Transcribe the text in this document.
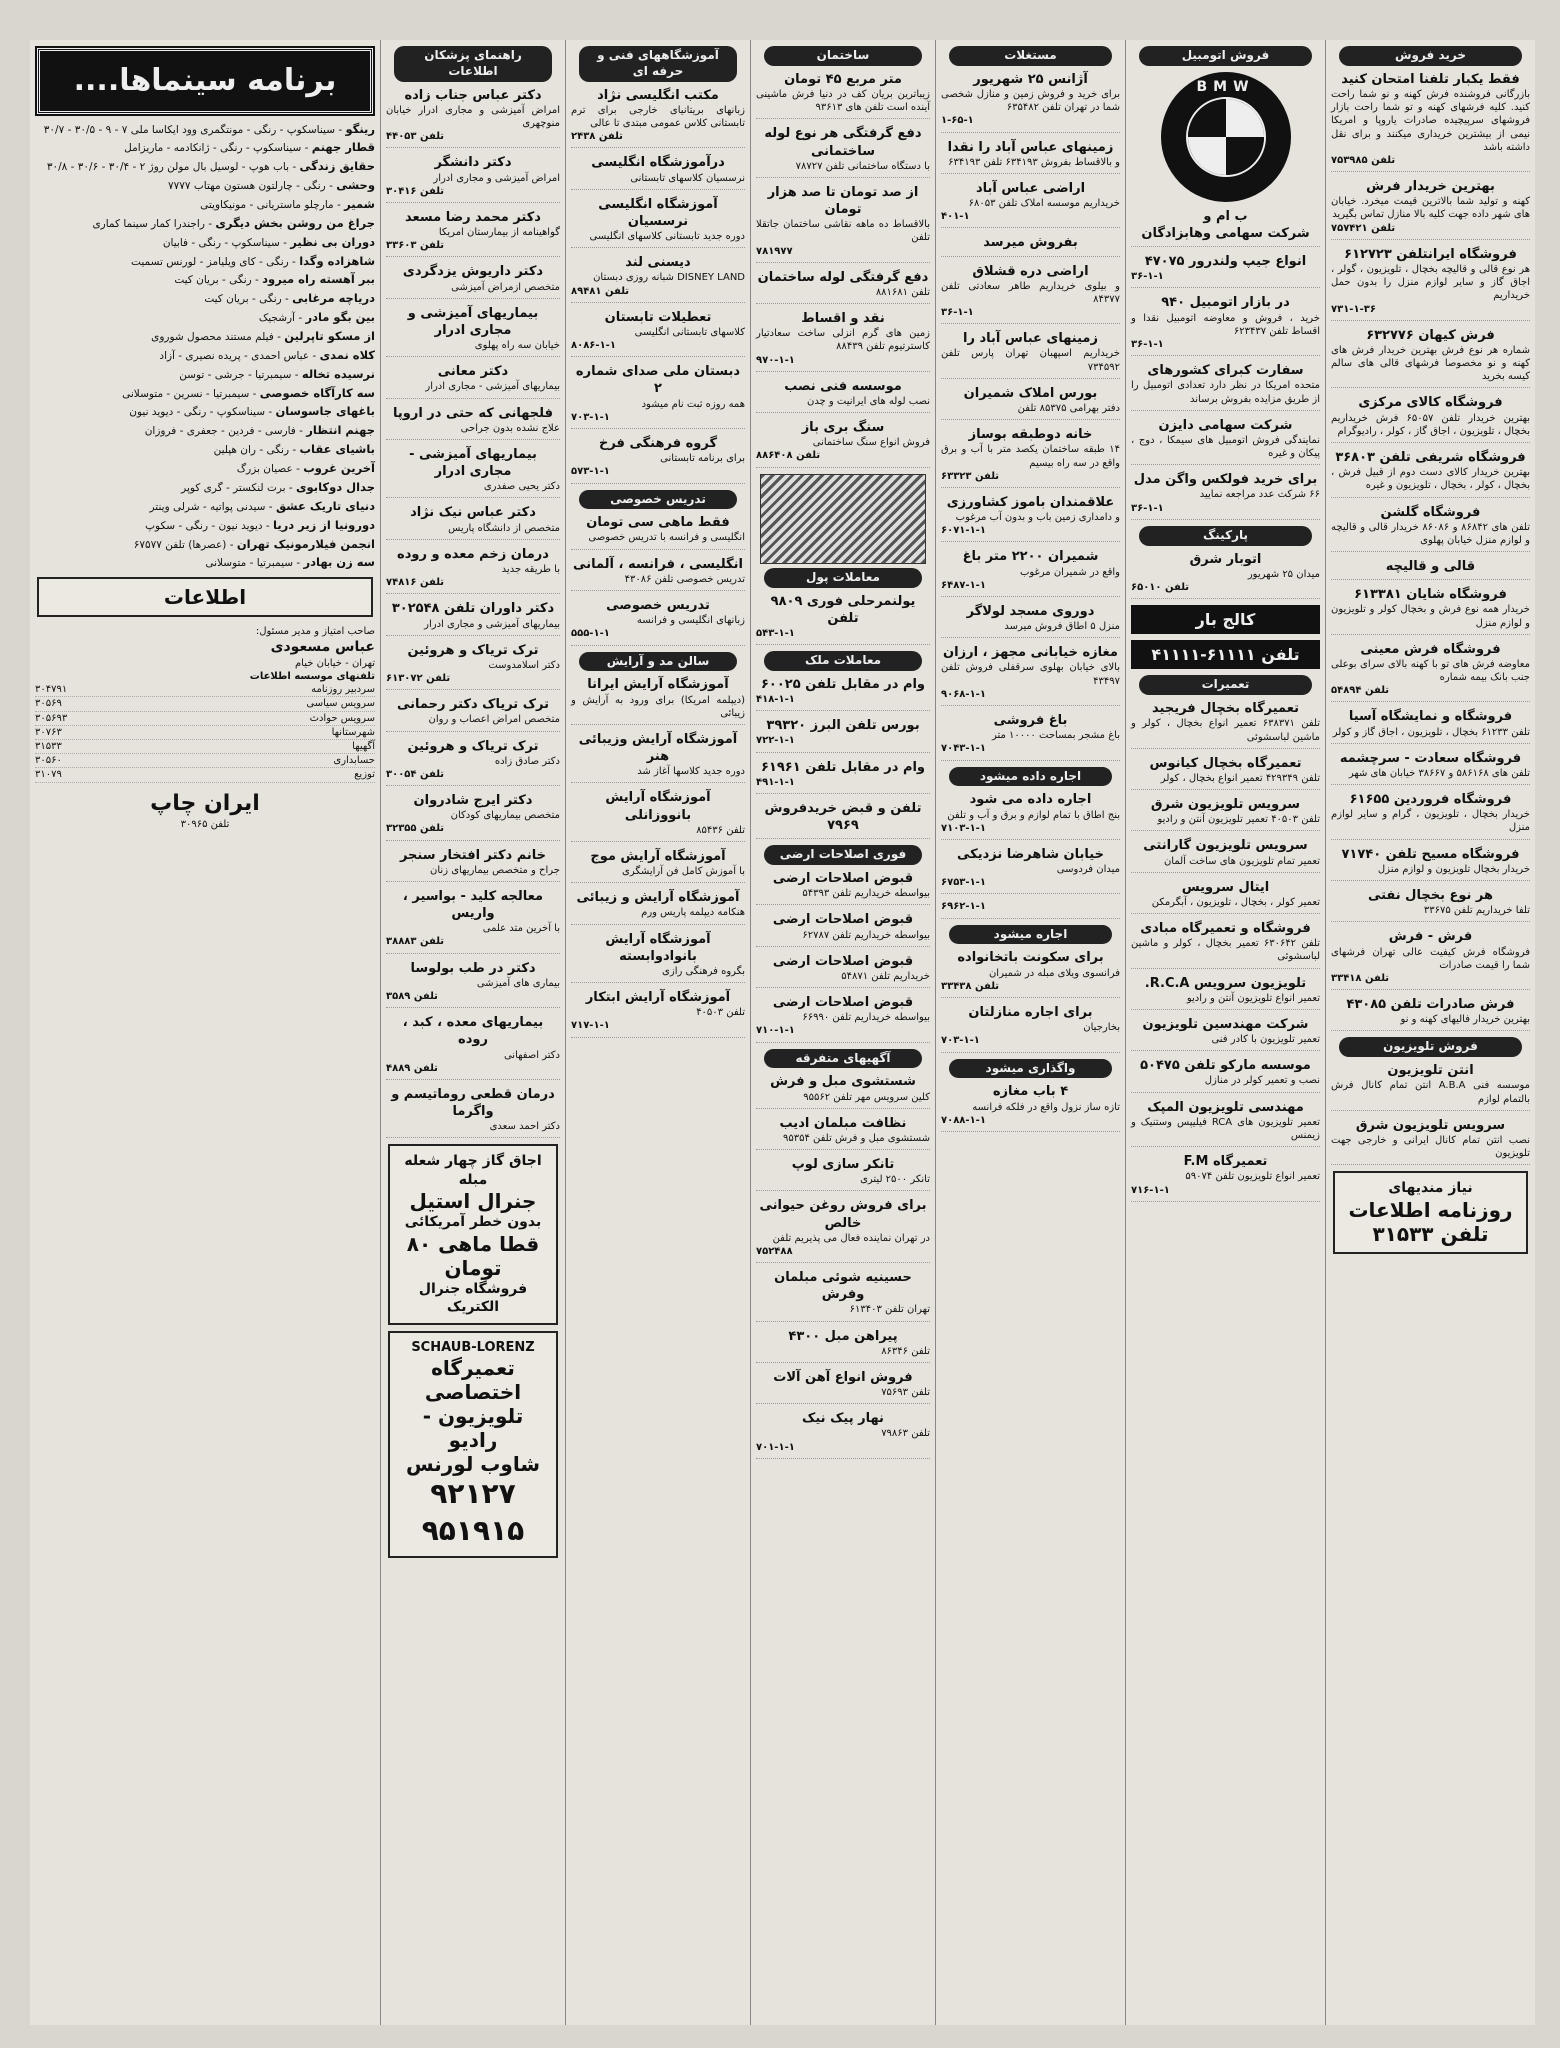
خرید فروش
فقط یکبار تلفنا امتحان کنید
بازرگانی فروشنده فرش کهنه و نو شما راحت کنید. کلیه فرشهای کهنه و تو شما راحت بازار فروشهای سرپیچیده صادرات یاروپا و امریکا نیمی از بیشترین خریداری میکنند و برای نقل داشته باشد
۷۵۳۹۸۵ تلفن
بهترین خریدار فرش
کهنه و تولید شما بالاترین قیمت میخرد. خیابان های شهر داده جهت کلیه بالا منازل تماس بگیرید
۷۵۷۴۲۱ تلفن
فروشگاه ایرانتلفن ۶۱۲۷۲۳
هر نوع قالی و قالیچه بخچال ، تلویزیون ، گولر ، اجاق گاز و سایر لوازم منزل را بدون حمل خریداریم
۷۳۱-۱-۳۶
فرش کیهان ۶۳۲۷۷۶
شماره هر نوع فرش بهترین خریدار فرش های کهنه و نو مخصوصا فرشهای قالی های سالم کیسه بخرید
فروشگاه کالای مرکزی
بهترین خریدار تلفن ۶۵۰۵۷ فرش خریداریم بخچال ، تلویزیون ، اجاق گاز ، کولر ، رادیوگرام
فروشگاه شریفی تلفن ۳۶۸۰۳
بهترین خریدار کالای دست دوم از قبیل فرش ، بخچال ، کولر ، بخچال ، تلویزیون و غیره
فروشگاه گلشن
تلفن های ۸۶۸۴۲ و ۸۶۰۸۶ خریدار قالی و قالیچه و لوازم منزل خیابان پهلوی
قالی و قالیچه
فروشگاه شایان ۶۱۳۳۸۱
خریدار همه نوع فرش و بخچال کولر و تلویزیون و لوازم منزل
فروشگاه فرش معینی
معاوضه فرش های تو با کهنه بالای سرای بوعلی جنب بانک بیمه شماره
۵۴۸۹۴ تلفن
فروشگاه و نمایشگاه آسیا
تلفن ۶۱۲۳۳ بخچال ، تلویزیون ، اجاق گاز و کولر
فروشگاه سعادت - سرچشمه
تلفن های ۵۸۶۱۶۸ و ۳۸۶۶۷ خیابان های شهر
فروشگاه فروردین ۶۱۶۵۵
خریدار بخچال ، تلویزیون ، گرام و سایر لوازم منزل
فروشگاه مسیح تلفن ۷۱۷۴۰
خریدار بخچال تلویزیون و لوازم منزل
هر نوع بخچال نفتی
تلفا خریداریم تلفن ۳۳۶۷۵
فرش - فرش
فروشگاه فرش کیفیت عالی تهران فرشهای شما را قیمت صادرات
۳۳۴۱۸ تلفن
فرش صادرات تلفن ۴۳۰۸۵
بهترین خریدار فالیهای کهنه و نو
فروش تلویزیون
انتن تلویزیون
موسسه فنی A.B.A انتن تمام کانال فرش بالتمام لوازم
سرویس تلویزیون شرق
نصب انتن تمام کانال ایرانی و خارجی جهت تلویزیون
نیاز مندیهای
روزنامه اطلاعات
تلفن ۳۱۵۳۳
فروش اتومبیل
BMW
ب ام و
شرکت سهامی وهابزادگان
انواع جیپ ولندرور ۴۷۰۷۵
۳۶-۱-۱
در بازار اتومبیل ۹۴۰
خرید ، فروش و معاوضه اتومبیل نقدا و اقساط تلفن ۶۲۳۴۳۷
۳۶-۱-۱
سفارت کبرای کشورهای
متحده امریکا در نظر دارد تعدادی اتومبیل را از طریق مزایده بفروش برساند
شرکت سهامی دایزن
نمایندگی فروش اتومبیل های سیمکا ، دوج ، پیکان و غیره
برای خرید فولکس واگن مدل
۶۶ شرکت عدد مراجعه نمایید
۳۶-۱-۱
پارکینگ
اتوبار شرق
میدان ۲۵ شهریور
۶۵۰۱۰ تلفن
کالج بار
تلفن ۶۱۱۱۱-۴۱۱۱۱
تعمیرات
تعمیرگاه بخچال فریجید
تلفن ۶۳۸۳۷۱ تعمیر انواع بخچال ، کولر و ماشین لباسشوئی
تعمیرگاه بخچال کیانوس
تلفن ۴۲۹۳۴۹ تعمیر انواع بخچال ، کولر
سرویس تلویزیون شرق
تلفن ۴۰۵۰۳ تعمیر تلویزیون آنتن و رادیو
سرویس تلویزیون گارانتی
تعمیر تمام تلویزیون های ساخت آلمان
ایتال سرویس
تعمیر کولر ، بخچال ، تلویزیون ، آبگرمکن
فروشگاه و تعمیرگاه مبادی
تلفن ۶۳۰۶۴۲ تعمیر بخچال ، کولر و ماشین لباسشوئی
تلویزیون سرویس R.C.A.
تعمیر انواع تلویزیون آنتن و رادیو
شرکت مهندسین تلویزیون
تعمیر تلویزیون با کادر فنی
موسسه مارکو تلفن ۵۰۴۷۵
نصب و تعمیر کولر در منازل
مهندسی تلویزیون المپک
تعمیر تلویزیون های RCA فیلیپس وستنیک و زیمنس
تعمیرگاه F.M
تعمیر انواع تلویزیون تلفن ۵۹۰۷۴
۷۱۶-۱-۱
مستغلات
آژانس ۲۵ شهریور
برای خرید و فروش زمین و منازل شخصی شما در تهران تلفن ۶۳۵۴۸۲
۱-۶۵-۱
زمینهای عباس آباد را نقدا
و بالاقساط بفروش ۶۳۴۱۹۳ تلفن ۶۳۴۱۹۳
اراضی عباس آباد
خریداریم موسسه املاک تلفن ۶۸۰۵۳
۴۰۱-۱
بفروش میرسد
اراضی دره قشلاق
و بیلوی خریداریم طاهر سعادتی تلفن ۸۴۳۷۷
۳۶-۱-۱
زمینهای عباس آباد را
خریداریم اسپهبان تهران پارس تلفن ۷۳۴۵۹۲
بورس املاک شمیران
دفتر بهرامی ۸۵۳۷۵ تلفن
خانه دوطبقه بوساز
۱۴ طبقه ساختمان یکصد متر با آب و برق واقع در سه راه بیسیم
۶۳۳۲۳ تلفن
علاقمندان باموز کشاورزی
و دامداری زمین باب و بدون آب مرغوب
۶۰۷۱-۱-۱
شمیران ۲۲۰۰ متر باغ
واقع در شمیران مرغوب
۶۴۸۷-۱-۱
دوروی مسجد لولاگر
منزل ۵ اطاق فروش میرسد
مغازه خیابانی مجهز ، ارزان
بالای خیابان بهلوی سرقفلی فروش تلفن ۴۳۴۹۷
۹۰۶۸-۱-۱
باغ فروشی
باغ مشجر بمساحت ۱۰۰۰۰ متر
۷۰۴۳-۱-۱
اجاره داده میشود
اجاره داده می شود
بنج اطاق با تمام لوازم و برق و آب و تلفن
۷۱۰۳-۱-۱
خیابان شاهرضا نزدیکی
میدان فردوسی
۶۷۵۳-۱-۱
۶۹۶۲-۱-۱
اجاره میشود
برای سکونت باتخانواده
فرانسوی ویلای مبله در شمیران
۳۳۴۳۸ تلفن
برای اجاره منازلتان
بخارجیان
۷۰۳-۱-۱
واگذاری میشود
۴ باب مغازه
تازه ساز نزول واقع در فلکه فرانسه
۷۰۸۸-۱-۱
ساختمان
متر مربع ۴۵ تومان
زیباترین بریان کف در دنیا فرش ماشینی آینده است تلفن های ۹۳۶۱۳
دفع گرفتگی هر نوع لوله ساختمانی
با دستگاه ساختمانی تلفن ۷۸۷۲۷
از صد تومان تا صد هزار تومان
بالاقساط ده ماهه نقاشی ساختمان جاتقلا تلفن
۷۸۱۹۷۷
دفع گرفتگی لوله ساختمان
تلفن ۸۸۱۶۸۱
نقد و اقساط
زمین های گرم انزلی ساخت سعادتیار کاسترتیوم تلفن ۸۸۴۳۹
۹۷۰-۱-۱
موسسه فنی نصب
نصب لوله های ایرانیت و چدن
سنگ بری باز
فروش انواع سنگ ساختمانی
۸۸۶۴۰۸ تلفن
معاملات پول
یولنمرحلی فوری ۹۸۰۹ تلفن
۵۴۳-۱-۱
معاملات ملک
وام در مقابل تلفن ۶۰۰۲۵
۴۱۸-۱-۱
بورس تلفن البرز ۳۹۳۲۰
۷۲۲-۱-۱
وام در مقابل تلفن ۶۱۹۶۱
۴۹۱-۱-۱
تلفن و قبض خریدفروش ۷۹۶۹
فوری اصلاحات ارضی
قبوض اصلاحات ارضی
بیواسطه خریداریم تلفن ۵۴۳۹۳
قبوض اصلاحات ارضی
بیواسطه خریداریم تلفن ۶۲۷۸۷
قبوض اصلاحات ارضی
خریداریم تلفن ۵۴۸۷۱
قبوض اصلاحات ارضی
بیواسطه خریداریم تلفن ۶۶۹۹۰
۷۱۰-۱-۱
آگهیهای متفرقه
شستشوی مبل و فرش
کلین سرویس مهر تلفن ۹۵۵۶۲
نظافت مبلمان ادیب
شستشوی مبل و فرش تلفن ۹۵۳۵۴
تانکر سازی لوپ
تانکر ۲۵۰۰ لیتری
برای فروش روغن حیوانی خالص
در تهران نماینده فعال می پذیریم تلفن
۷۵۲۴۸۸
حسینیه شوئی مبلمان وفرش
تهران تلفن ۶۱۳۴۰۳
پیراهن مبل ۴۳۰۰
تلفن ۸۶۳۴۶
فروش انواع آهن آلات
تلفن ۷۵۶۹۳
نهار پیک نیک
تلفن ۷۹۸۶۳
۷۰۱-۱-۱
آموزشگاههای فنی و حرفه ای
مکتب انگلیسی نژاد
زبانهای بریتانیای خارجی برای ترم تابستانی کلاس عمومی مبتدی تا عالی
۲۴۳۸ تلفن
درآموزشگاه انگلیسی
نرسسیان کلاسهای تابستانی
آموزشگاه انگلیسی نرسسیان
دوره جدید تابستانی کلاسهای انگلیسی
دیسنی لند
DISNEY LAND شبانه روزی دبستان
۸۹۴۸۱ تلفن
تعطیلات تابستان
کلاسهای تابستانی انگلیسی
۸۰۸۶-۱-۱
دبستان ملی صدای شماره ۲
همه روزه ثبت نام میشود
۷۰۳-۱-۱
گروه فرهنگی فرخ
برای برنامه تابستانی
۵۷۳-۱-۱
تدریس خصوصی
فقط ماهی سی تومان
انگلیسی و فرانسه با تدریس خصوصی
انگلیسی ، فرانسه ، آلمانی
تدریس خصوصی تلفن ۴۳۰۸۶
تدریس خصوصی
زبانهای انگلیسی و فرانسه
۵۵۵-۱-۱
سالن مد و آرایش
آموزشگاه آرایش ایرانا
(دیپلمه امریکا) برای ورود به آرایش و زیبائی
آموزشگاه آرایش وزیبائی هنر
دوره جدید کلاسها آغاز شد
آموزشگاه آرایش بانووزانلی
تلفن ۸۵۴۳۶
آموزشگاه آرایش موج
با آموزش کامل فن آرایشگری
آموزشگاه آرایش و زیبائی
هنکامه دیپلمه پاریس ورم
آموزشگاه آرایش بانوادوابسته
بگروه فرهنگی رازی
آموزشگاه آرایش ابتکار
تلفن ۴۰۵۰۳
۷۱۷-۱-۱
راهنمای پزشکان اطلاعات
دکتر عباس جناب زاده
امراض آمیزشی و مجاری ادرار خیابان منوچهری
۴۴۰۵۳ تلفن
دکتر دانشگر
امراض آمیزشی و مجاری ادرار
۳۰۴۱۶ تلفن
دکتر محمد رضا مسعد
گواهینامه از بیمارستان امریکا
۳۳۶۰۳ تلفن
دکتر داریوش یزدگردی
متخصص ازمراض آمیزشی
بیماریهای آمیزشی و مجاری ادرار
خیابان سه راه پهلوی
دکتر معانی
بیماریهای آمیزشی - مجاری ادرار
فلجهانی که حتی در اروپا
علاج نشده بدون جراحی
بیماریهای آمیزشی - مجاری ادرار
دکتر یحیی صفدری
دکتر عباس نیک نژاد
متخصص از دانشگاه پاریس
درمان زخم معده و روده
با طریقه جدید
۷۴۸۱۶ تلفن
دکتر داوران تلفن ۳۰۲۵۴۸
بیماریهای آمیزشی و مجاری ادرار
ترک تریاک و هروئین
دکتر اسلامدوست
۶۱۳۰۷۲ تلفن
ترک تریاک دکتر رحمانی
متخصص امراض اعصاب و روان
ترک تریاک و هروئین
دکتر صادق زاده
۳۰۰۵۴ تلفن
دکتر ایرج شادروان
متخصص بیماریهای کودکان
۳۲۳۵۵ تلفن
خانم دکتر افتخار سنجر
جراح و متخصص بیماریهای زنان
معالجه کلید - بواسیر ، واریس
با آخرین متد علمی
۳۸۸۸۳ تلفن
دکتر در طب بولوسا
بیماری های آمیزشی
۳۵۸۹ تلفن
بیماریهای معده ، کبد ، روده
دکتر اصفهانی
۴۸۸۹ تلفن
درمان قطعی روماتیسم و واگرما
دکتر احمد سعدی
اجاق گاز چهار شعله مبله
جنرال استیل
بدون خطر آمریکائی
قطا ماهی ۸۰ تومان
فروشگاه جنرال الکتریک
SCHAUB-LORENZ
تعمیرگاه اختصاصی
تلویزیون - رادیو
شاوب لورنس
۹۲۱۲۷ ۹۵۱۹۱۵
برنامه سینماها....
رینگو - سیناسکوپ - رنگی - مونتگمری وود ایکاسا ملی ۷ - ۹ - ۳۰/۵ - ۳۰/۷
قطار جهنم - سیناسکوپ - رنگی - ژانکادمه - ماریزامل
حقایق زندگی - باب هوپ - لوسیل بال مولن روژ ۲ - ۳۰/۴ - ۳۰/۶ - ۳۰/۸
وحشی - رنگی - چارلتون هستون مهتاب ۷۷۷۷
شمیر - مارچلو ماستریانی - مونیکاویتی
جراغ من روشن بخش دیگری - راجندرا کمار سینما کماری
دوران بی نظیر - سیناسکوپ - رنگی - فابیان
شاهزاده وگدا - رنگی - کای ویلیامز - لورنس تسمیت
ببر آهسته راه میرود - رنگی - بریان کیت
دریاچه مرغابی - رنگی - بریان کیت
بین بگو مادر - آرشجیک
از مسکو تاپرلین - فیلم مستند محصول شوروی
کلاه نمدی - عباس احمدی - پریده نصیری - آزاد
نرسیده تخاله - سیمبرتیا - جرشی - توسن
سه کارآگاه خصوصی - سیمبرتیا - نسرین - متوسلانی
باغهای جاسوسان - سیناسکوپ - رنگی - دیوید نیون
جهنم انتظار - فارسی - فردین - جعفری - فروزان
باشیای عقاب - رنگی - ران هپلین
آخرین غروب - عصیان بزرگ
جدال دوکابوی - برت لنکستر - گری کوپر
دنیای تاریک عشق - سیدنی پواتیه - شرلی وینتر
دورونیا از زیر دریا - دیوید نیون - رنگی - سکوپ
انجمن فیلارمونیک تهران - (عصرها) تلفن ۶۷۵۷۷
سه زن بهادر - سیمبرتیا - متوسلانی
اطلاعات
صاحب امتیاز و مدیر مسئول:
عباس مسعودی
تهران - خیابان خیام
تلفنهای موسسه اطلاعات
سردبیر روزنامه
۳۰۴۷۹۱
سرویس سیاسی
۳۰۵۶۹
سرویس حوادث
۳۰۵۶۹۳
شهرستانها
۳۰۷۶۳
آگهیها
۳۱۵۳۳
حسابداری
۳۰۵۶۰
توزیع
۳۱۰۷۹
ایران چاپ
تلفن ۳۰۹۶۵
